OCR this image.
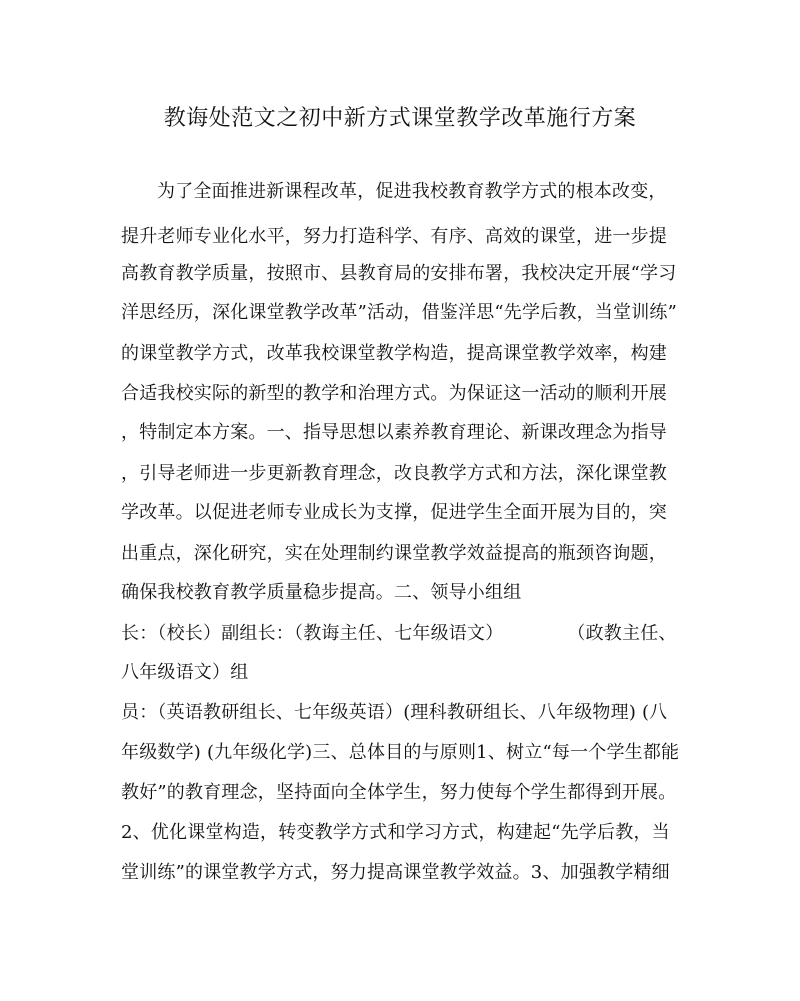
教诲处范文之初中新方式课堂教学改革施行方案

为了全面推进新课程改革，促进我校教育教学方式的根本改变，

提升老师专业化水平，努力打造科学、有序、高效的课堂，进一步提

高教育教学质量，按照市、县教育局的安排布署，我校决定开展“学习

洋思经历，深化课堂教学改革”活动，借鉴洋思“先学后教，当堂训练”

的课堂教学方式，改革我校课堂教学构造，提高课堂教学效率，构建

合适我校实际的新型的教学和治理方式。为保证这一活动的顺利开展

，特制定本方案。一、指导思想以素养教育理论、新课改理念为指导

，引导老师进一步更新教育理念，改良教学方式和方法，深化课堂教

学改革。以促进老师专业成长为支撑，促进学生全面开展为目的，突

出重点，深化研究，实在处理制约课堂教学效益提高的瓶颈咨询题，

确保我校教育教学质量稳步提高。二、领导小组组

长：（校长）副组长：（教诲主任、七年级语文）	（政教主任、

八年级语文）组

员：（英语教研组长、七年级英语）(理科教研组长、八年级物理) (八

年级数学) (九年级化学)三、总体目的与原则1、树立“每一个学生都能

教好”的教育理念，坚持面向全体学生，努力使每个学生都得到开展。

2、优化课堂构造，转变教学方式和学习方式，构建起“先学后教，当

堂训练”的课堂教学方式，努力提高课堂教学效益。3、加强教学精细
